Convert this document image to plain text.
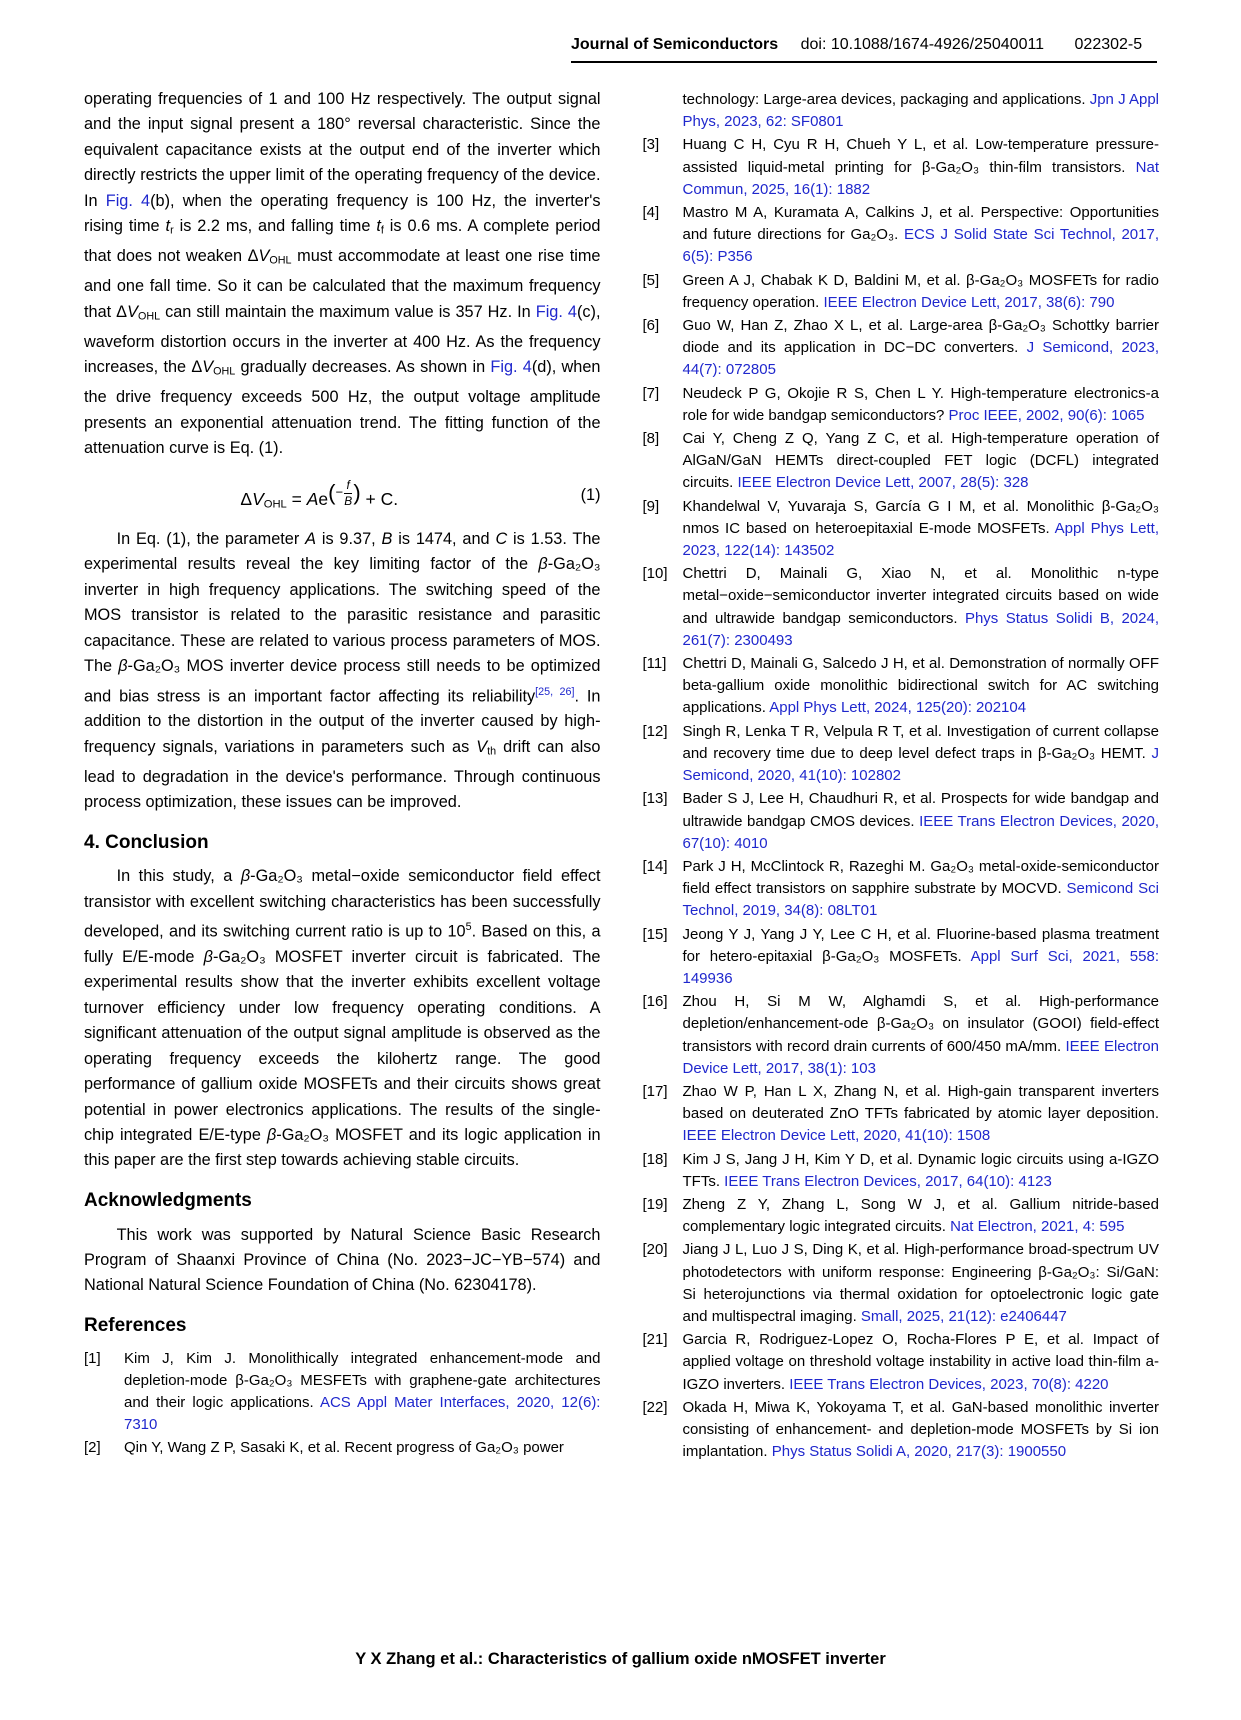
Journal of Semiconductors doi: 10.1088/1674-4926/25040011 022302-5

operating frequencies of 1 and 100 Hz respectively. The output signal and the input signal present a 180° reversal characteristic. Since the equivalent capacitance exists at the output end of the inverter which directly restricts the upper limit of the operating frequency of the device. In Fig. 4(b), when the operating frequency is 100 Hz, the inverter's rising time tr is 2.2 ms, and falling time tf is 0.6 ms. A complete period that does not weaken ΔVOHL must accommodate at least one rise time and one fall time. So it can be calculated that the maximum frequency that ΔVOHL can still maintain the maximum value is 357 Hz. In Fig. 4(c), waveform distortion occurs in the inverter at 400 Hz. As the frequency increases, the ΔVOHL gradually decreases. As shown in Fig. 4(d), when the drive frequency exceeds 500 Hz, the output voltage amplitude presents an exponential attenuation trend. The fitting function of the attenuation curve is Eq. (1).

ΔVOHL = $Ae(- \frac{f}{B}$ ) + C.	(1)

In Eq. (1), the parameter A is 9.37, B is 1474, and C is 1.53. The experimental results reveal the key limiting factor of the β-Ga₂O₃ inverter in high frequency applications. The switching speed of the MOS transistor is related to the parasitic resistance and parasitic capacitance. These are related to various process parameters of MOS. The β-Ga₂O₃ MOS inverter device process still needs to be optimized and bias stress is an important factor affecting its reliability[25, 26]. In addition to the distortion in the output of the inverter caused by high-frequency signals, variations in parameters such as Vth drift can also lead to degradation in the device's performance. Through continuous process optimization, these issues can be improved.

4. Conclusion

In this study, a β-Ga₂O₃ metal−oxide semiconductor field effect transistor with excellent switching characteristics has been successfully developed, and its switching current ratio is up to $10^5$. Based on this, a fully E/E-mode β-Ga₂O₃ MOSFET inverter circuit is fabricated. The experimental results show that the inverter exhibits excellent voltage turnover efficiency under low frequency operating conditions. A significant attenuation of the output signal amplitude is observed as the operating frequency exceeds the kilohertz range. The good performance of gallium oxide MOSFETs and their circuits shows great potential in power electronics applications. The results of the single-chip integrated E/E-type β-Ga₂O₃ MOSFET and its logic application in this paper are the first step towards achieving stable circuits.

Acknowledgments

This work was supported by Natural Science Basic Research Program of Shaanxi Province of China (No. 2023−JC−YB−574) and National Natural Science Foundation of China (No. 62304178).

References
[1]	Kim J, Kim J. Monolithically integrated enhancement-mode and depletion-mode β-Ga₂O₃ MESFETs with graphene-gate architectures and their logic applications. ACS Appl Mater Interfaces, 2020, 12(6): 7310
[2]	Qin Y, Wang Z P, Sasaki K, et al. Recent progress of Ga₂O₃ power
technology: Large-area devices, packaging and applications. Jpn J Appl Phys, 2023, 62: SF0801
[3]	Huang C H, Cyu R H, Chueh Y L, et al. Low-temperature pressure-assisted liquid-metal printing for β-Ga₂O₃ thin-film transistors. Nat Commun, 2025, 16(1): 1882
[4]	Mastro M A, Kuramata A, Calkins J, et al. Perspective: Opportunities and future directions for Ga₂O₃. ECS J Solid State Sci Technol, 2017, 6(5): P356
[5]	Green A J, Chabak K D, Baldini M, et al. β-Ga₂O₃ MOSFETs for radio frequency operation. IEEE Electron Device Lett, 2017, 38(6): 790
[6]	Guo W, Han Z, Zhao X L, et al. Large-area β-Ga₂O₃ Schottky barrier diode and its application in DC−DC converters. J Semicond, 2023, 44(7): 072805
[7]	Neudeck P G, Okojie R S, Chen L Y. High-temperature electronics-a role for wide bandgap semiconductors? Proc IEEE, 2002, 90(6): 1065
[8]	Cai Y, Cheng Z Q, Yang Z C, et al. High-temperature operation of AlGaN/GaN HEMTs direct-coupled FET logic (DCFL) integrated circuits. IEEE Electron Device Lett, 2007, 28(5): 328
[9]	Khandelwal V, Yuvaraja S, García G I M, et al. Monolithic β-Ga₂O₃ nmos IC based on heteroepitaxial E-mode MOSFETs. Appl Phys Lett, 2023, 122(14): 143502
[10] Chettri D, Mainali G, Xiao N, et al. Monolithic n-type metal−oxide−semiconductor inverter integrated circuits based on wide and ultrawide bandgap semiconductors. Phys Status Solidi B, 2024, 261(7): 2300493
[11]	Chettri D, Mainali G, Salcedo J H, et al. Demonstration of normally OFF beta-gallium oxide monolithic bidirectional switch for AC switching applications. Appl Phys Lett, 2024, 125(20): 202104
[12] Singh R, Lenka T R, Velpula R T, et al. Investigation of current collapse and recovery time due to deep level defect traps in β-Ga₂O₃ HEMT. J Semicond, 2020, 41(10): 102802
[13] Bader S J, Lee H, Chaudhuri R, et al. Prospects for wide bandgap and ultrawide bandgap CMOS devices. IEEE Trans Electron Devices, 2020, 67(10): 4010
[14] Park J H, McClintock R, Razeghi M. Ga₂O₃ metal-oxide-semiconductor field effect transistors on sapphire substrate by MOCVD. Semicond Sci Technol, 2019, 34(8): 08LT01
[15] Jeong Y J, Yang J Y, Lee C H, et al. Fluorine-based plasma treatment for hetero-epitaxial β-Ga₂O₃ MOSFETs. Appl Surf Sci, 2021, 558: 149936
[16] Zhou H, Si M W, Alghamdi S, et al. High-performance depletion/enhancement-ode β-Ga₂O₃ on insulator (GOOI) field-effect transistors with record drain currents of 600/450 mA/mm. IEEE Electron Device Lett, 2017, 38(1): 103
[17] Zhao W P, Han L X, Zhang N, et al. High-gain transparent inverters based on deuterated ZnO TFTs fabricated by atomic layer deposition. IEEE Electron Device Lett, 2020, 41(10): 1508
[18] Kim J S, Jang J H, Kim Y D, et al. Dynamic logic circuits using a-IGZO TFTs. IEEE Trans Electron Devices, 2017, 64(10): 4123
[19] Zheng Z Y, Zhang L, Song W J, et al. Gallium nitride-based complementary logic integrated circuits. Nat Electron, 2021, 4: 595
[20] Jiang J L, Luo J S, Ding K, et al. High-performance broad-spectrum UV photodetectors with uniform response: Engineering β-Ga₂O₃: Si/GaN: Si heterojunctions via thermal oxidation for optoelectronic logic gate and multispectral imaging. Small, 2025, 21(12): e2406447
[21] Garcia R, Rodriguez-Lopez O, Rocha-Flores P E, et al. Impact of applied voltage on threshold voltage instability in active load thin-film a-IGZO inverters. IEEE Trans Electron Devices, 2023, 70(8): 4220
[22] Okada H, Miwa K, Yokoyama T, et al. GaN-based monolithic inverter consisting of enhancement- and depletion-mode MOSFETs by Si ion implantation. Phys Status Solidi A, 2020, 217(3): 1900550
Y X Zhang et al.: Characteristics of gallium oxide nMOSFET inverter
